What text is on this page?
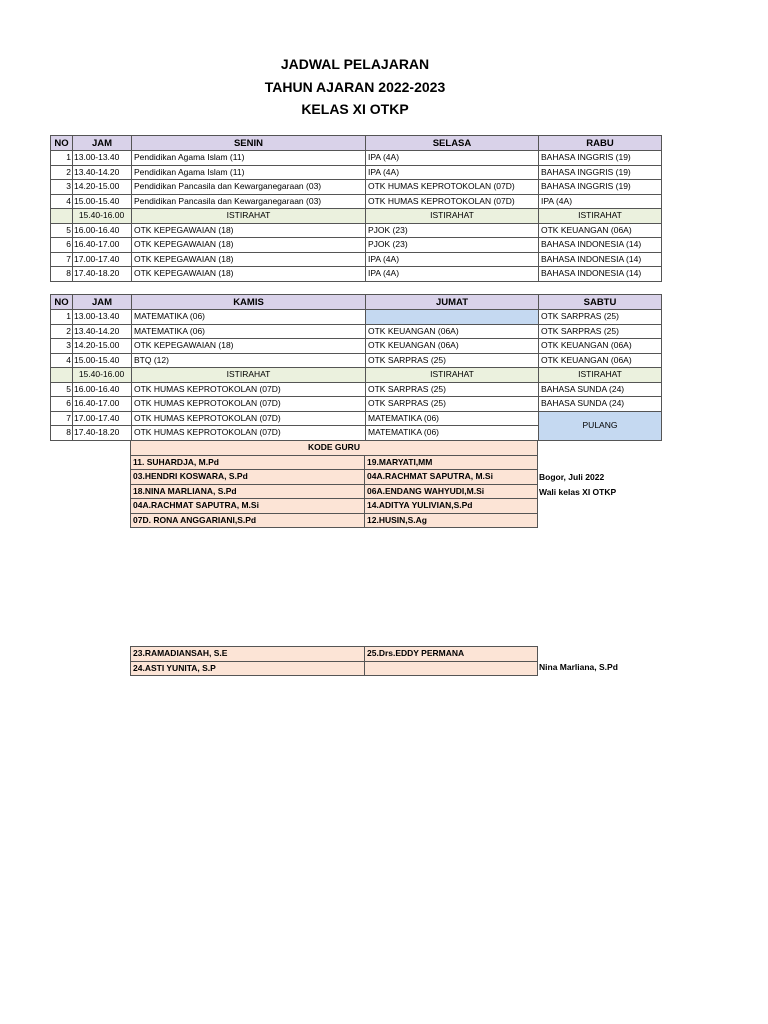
JADWAL PELAJARAN
TAHUN AJARAN 2022-2023
KELAS XI OTKP
NO	JAM	SENIN	SELASA	RABU
1	13.00-13.40	Pendidikan Agama Islam (11)	IPA (4A)	BAHASA INGGRIS (19)
2	13.40-14.20	Pendidikan Agama Islam (11)	IPA (4A)	BAHASA INGGRIS (19)
3	14.20-15.00	Pendidikan Pancasila dan Kewarganegaraan (03)	OTK HUMAS KEPROTOKOLAN (07D)	BAHASA INGGRIS (19)
4	15.00-15.40	Pendidikan Pancasila dan Kewarganegaraan (03)	OTK HUMAS KEPROTOKOLAN (07D)	IPA (4A)
	15.40-16.00	ISTIRAHAT	ISTIRAHAT	ISTIRAHAT
5	16.00-16.40	OTK KEPEGAWAIAN (18)	PJOK (23)	OTK KEUANGAN (06A)
6	16.40-17.00	OTK KEPEGAWAIAN (18)	PJOK (23)	BAHASA INDONESIA (14)
7	17.00-17.40	OTK KEPEGAWAIAN (18)	IPA (4A)	BAHASA INDONESIA (14)
8	17.40-18.20	OTK KEPEGAWAIAN (18)	IPA (4A)	BAHASA INDONESIA (14)
NO	JAM	KAMIS	JUMAT	SABTU
1	13.00-13.40	MATEMATIKA (06)		OTK SARPRAS (25)
2	13.40-14.20	MATEMATIKA (06)	OTK KEUANGAN (06A)	OTK SARPRAS (25)
3	14.20-15.00	OTK KEPEGAWAIAN (18)	OTK KEUANGAN (06A)	OTK KEUANGAN (06A)
4	15.00-15.40	BTQ (12)	OTK SARPRAS (25)	OTK KEUANGAN (06A)
	15.40-16.00	ISTIRAHAT	ISTIRAHAT	ISTIRAHAT
5	16.00-16.40	OTK HUMAS KEPROTOKOLAN (07D)	OTK SARPRAS (25)	BAHASA SUNDA (24)
6	16.40-17.00	OTK HUMAS KEPROTOKOLAN (07D)	OTK SARPRAS (25)	BAHASA SUNDA (24)
7	17.00-17.40	OTK HUMAS KEPROTOKOLAN (07D)	MATEMATIKA (06)	PULANG
8	17.40-18.20	OTK HUMAS KEPROTOKOLAN (07D)	MATEMATIKA (06)	
KODE GURU	
11. SUHARDJA, M.Pd	19.MARYATI,MM
03.HENDRI KOSWARA, S.Pd	04A.RACHMAT SAPUTRA, M.Si
18.NINA MARLIANA, S.Pd	06A.ENDANG WAHYUDI,M.Si
04A.RACHMAT SAPUTRA, M.Si	14.ADITYA YULIVIAN,S.Pd
07D. RONA ANGGARIANI,S.Pd	12.HUSIN,S.Ag
23.RAMADIANSAH, S.E	25.Drs.EDDY PERMANA
24.ASTI YUNITA, S.P	
Bogor, Juli 2022
Wali kelas XI OTKP
Nina Marliana, S.Pd
